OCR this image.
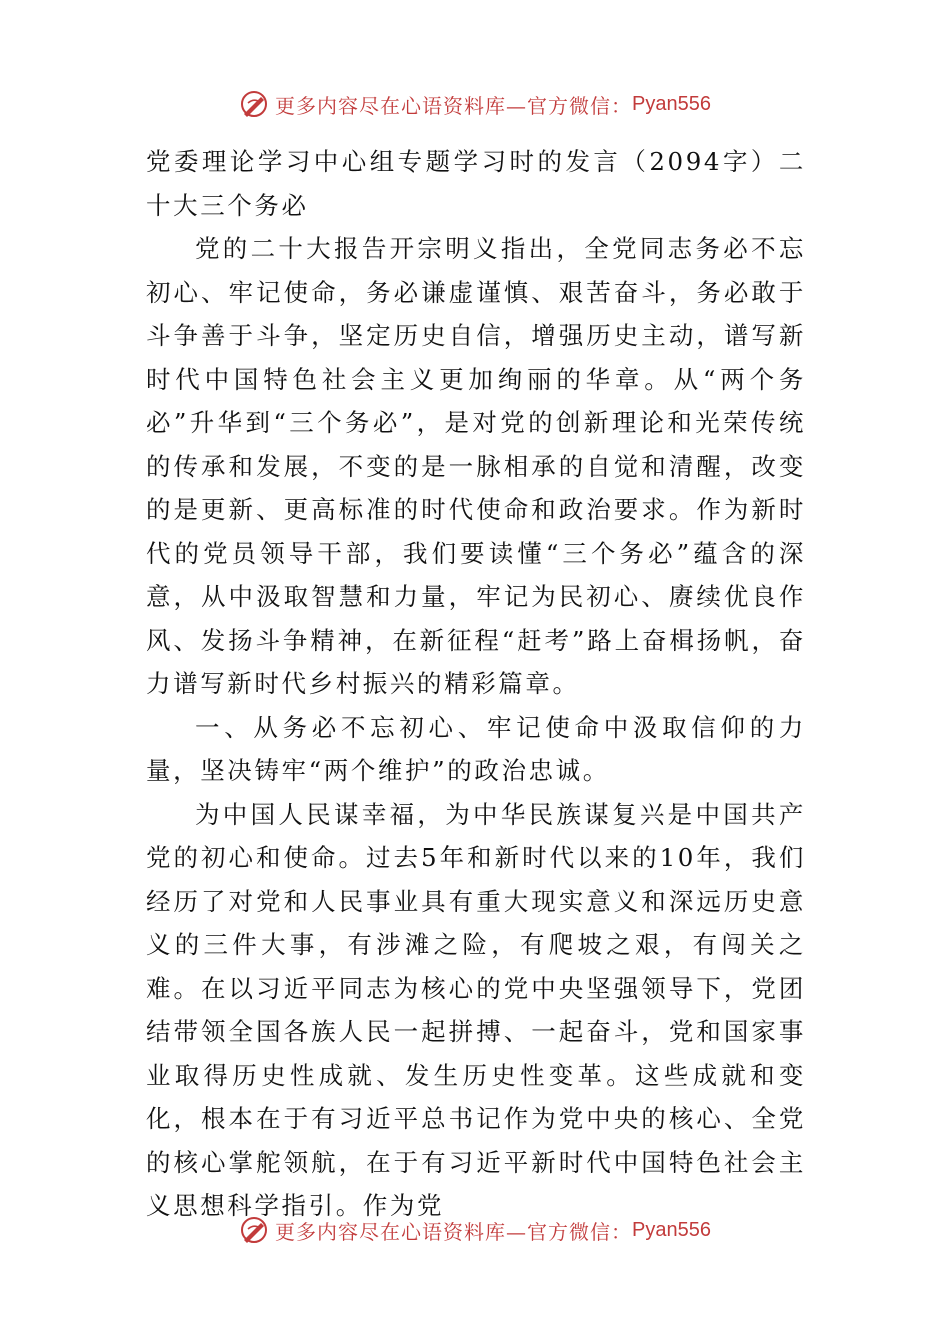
更多内容尽在心语资料库—官方微信： Pyan556

党委理论学习中心组专题学习时的发言（2094字）二十大三个务必

党的二十大报告开宗明义指出，全党同志务必不忘初心、牢记使命，务必谦虚谨慎、艰苦奋斗，务必敢于斗争善于斗争，坚定历史自信，增强历史主动，谱写新时代中国特色社会主义更加绚丽的华章。从“两个务必”升华到“三个务必”，是对党的创新理论和光荣传统的传承和发展，不变的是一脉相承的自觉和清醒，改变的是更新、更高标准的时代使命和政治要求。作为新时代的党员领导干部，我们要读懂“三个务必”蕴含的深意，从中汲取智慧和力量，牢记为民初心、赓续优良作风、发扬斗争精神，在新征程“赶考”路上奋楫扬帆，奋力谱写新时代乡村振兴的精彩篇章。

一、从务必不忘初心、牢记使命中汲取信仰的力量，坚决铸牢“两个维护”的政治忠诚。

为中国人民谋幸福，为中华民族谋复兴是中国共产党的初心和使命。过去5年和新时代以来的10年，我们经历了对党和人民事业具有重大现实意义和深远历史意义的三件大事，有涉滩之险，有爬坡之艰，有闯关之难。在以习近平同志为核心的党中央坚强领导下，党团结带领全国各族人民一起拼搏、一起奋斗，党和国家事业取得历史性成就、发生历史性变革。这些成就和变化，根本在于有习近平总书记作为党中央的核心、全党的核心掌舵领航，在于有习近平新时代中国特色社会主义思想科学指引。作为党

更多内容尽在心语资料库—官方微信： Pyan556
